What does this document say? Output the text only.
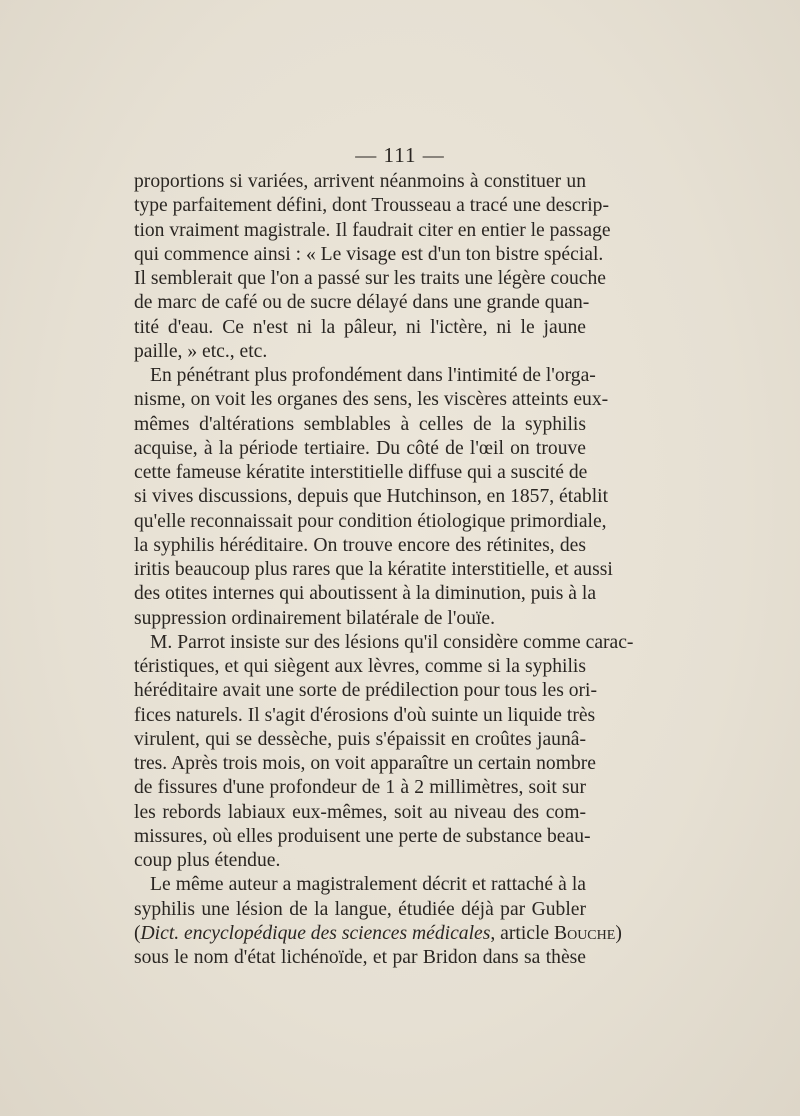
— 111 —
proportions si variées, arrivent néanmoins à constituer un
type parfaitement défini, dont Trousseau a tracé une descrip-
tion vraiment magistrale. Il faudrait citer en entier le passage
qui commence ainsi : « Le visage est d'un ton bistre spécial.
Il semblerait que l'on a passé sur les traits une légère couche
de marc de café ou de sucre délayé dans une grande quan-
tité d'eau. Ce n'est ni la pâleur, ni l'ictère, ni le jaune
paille, » etc., etc.
En pénétrant plus profondément dans l'intimité de l'orga-
nisme, on voit les organes des sens, les viscères atteints eux-
mêmes d'altérations semblables à celles de la syphilis
acquise, à la période tertiaire. Du côté de l'œil on trouve
cette fameuse kératite interstitielle diffuse qui a suscité de
si vives discussions, depuis que Hutchinson, en 1857, établit
qu'elle reconnaissait pour condition étiologique primordiale,
la syphilis héréditaire. On trouve encore des rétinites, des
iritis beaucoup plus rares que la kératite interstitielle, et aussi
des otites internes qui aboutissent à la diminution, puis à la
suppression ordinairement bilatérale de l'ouïe.
M. Parrot insiste sur des lésions qu'il considère comme carac-
téristiques, et qui siègent aux lèvres, comme si la syphilis
héréditaire avait une sorte de prédilection pour tous les ori-
fices naturels. Il s'agit d'érosions d'où suinte un liquide très
virulent, qui se dessèche, puis s'épaissit en croûtes jaunâ-
tres. Après trois mois, on voit apparaître un certain nombre
de fissures d'une profondeur de 1 à 2 millimètres, soit sur
les rebords labiaux eux-mêmes, soit au niveau des com-
missures, où elles produisent une perte de substance beau-
coup plus étendue.
Le même auteur a magistralement décrit et rattaché à la
syphilis une lésion de la langue, étudiée déjà par Gubler
(Dict. encyclopédique des sciences médicales, article Bouche)
sous le nom d'état lichénoïde, et par Bridon dans sa thèse
